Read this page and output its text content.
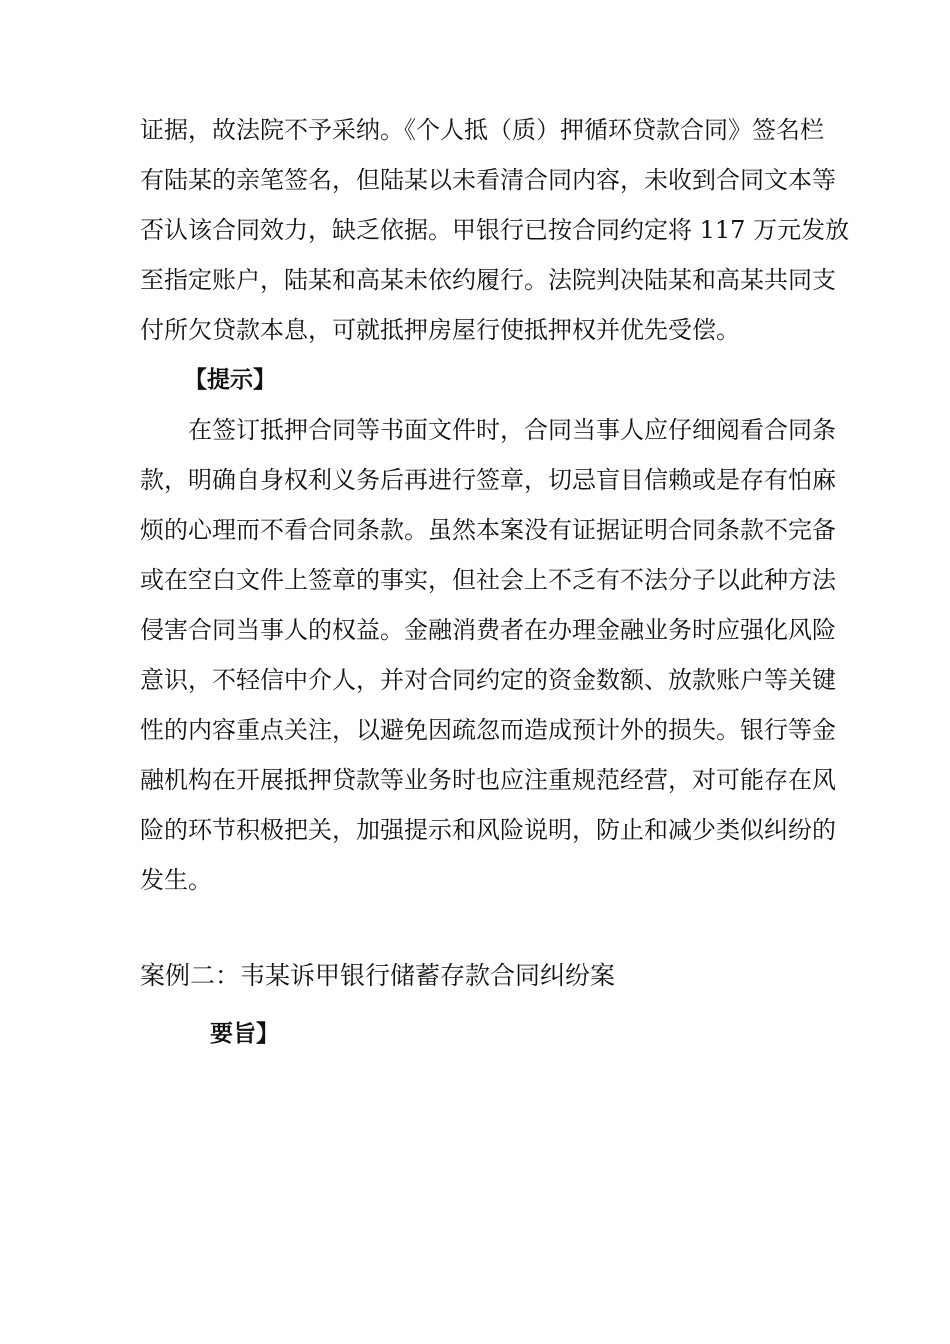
证据，故法院不予采纳。《个人抵（质）押循环贷款合同》签名栏
有陆某的亲笔签名，但陆某以未看清合同内容，未收到合同文本等
否认该合同效力，缺乏依据。甲银行已按合同约定将 117 万元发放
至指定账户，陆某和高某未依约履行。法院判决陆某和高某共同支
付所欠贷款本息，可就抵押房屋行使抵押权并优先受偿。
【提示】
在签订抵押合同等书面文件时，合同当事人应仔细阅看合同条
款，明确自身权利义务后再进行签章，切忌盲目信赖或是存有怕麻
烦的心理而不看合同条款。虽然本案没有证据证明合同条款不完备
或在空白文件上签章的事实，但社会上不乏有不法分子以此种方法
侵害合同当事人的权益。金融消费者在办理金融业务时应强化风险
意识，不轻信中介人，并对合同约定的资金数额、放款账户等关键
性的内容重点关注，以避免因疏忽而造成预计外的损失。银行等金
融机构在开展抵押贷款等业务时也应注重规范经营，对可能存在风
险的环节积极把关，加强提示和风险说明，防止和减少类似纠纷的
发生。
案例二：韦某诉甲银行储蓄存款合同纠纷案
要旨】
